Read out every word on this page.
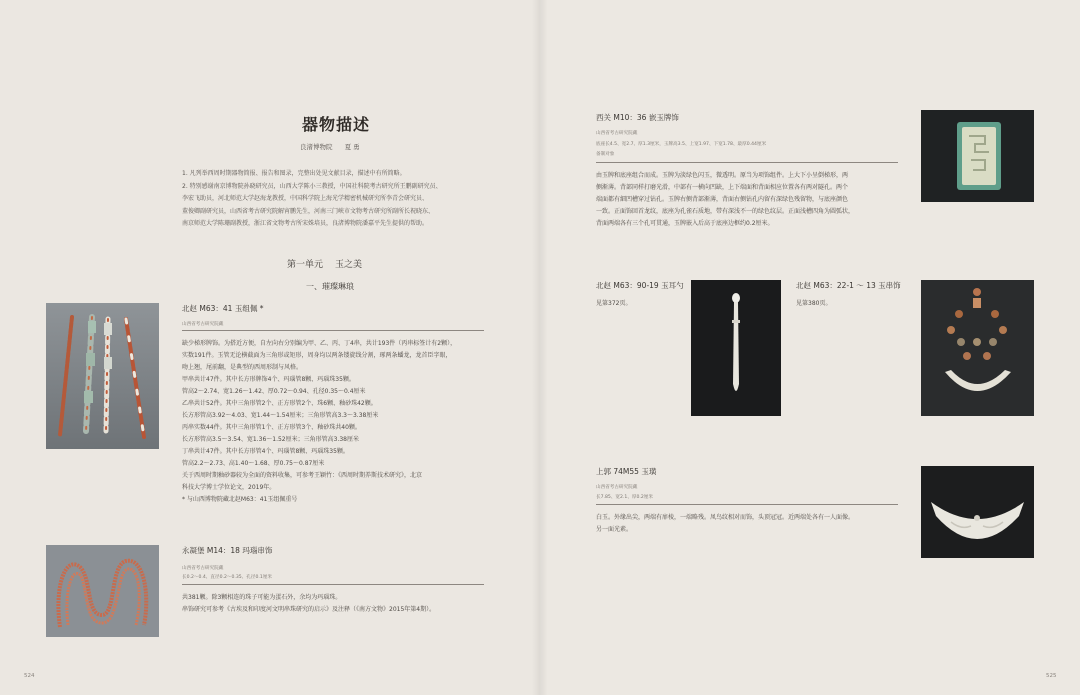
器物描述
良渚博物院 夏 勇

1. 凡列举西周时期器物简报、报告和图录，完整出处见文献目录，描述中有所简略。

2. 特别感谢南京博物院孙晓研究员，山西大学陈小三教授，中国社科院考古研究所王鹏副研究员、

李宏飞助员，河北师范大学赵海龙教授，中国科学院上海光学精密机械研究所李青会研究员、

董俊卿副研究员，山西省考古研究院解宵鹏先生，河南三门峡市文物考古研究所副所长祝晓东、

南京师范大学陈珊副教授，浙江省文物考古所宋姝培员，良渚博物院潘嘉平先生提供的帮助。

第一单元 玉之美
一、璀璨琳琅
北赵 M63：41 玉组佩 *
山西省考古研究院藏

缺少梯形牌饰。为搭近方便，自左向右分别编为甲、乙、丙、丁4串，共计193件（丙串标签计有2颗），

实数191件。玉管无论横截面为三角形或矩形，周身均以两条镂旋线分割，琢两条蟠龙，龙首臣字眼，

吻上翘，尾前翻，是典型的西周形制与风格。

甲串共计47件。其中长方形牌饰4个、玛瑙管8颗、玛瑙珠35颗。

管高2～2.74、宽1.26～1.42、厚0.72～0.94、孔径0.35～0.4厘米

乙串共计52件。其中三角形管2个、正方形管2个、珠6颗、釉砂珠42颗。

长方形管高3.92～4.03、宽1.44～1.54厘米；三角形管高3.3～3.38厘米

丙串实数44件。其中三角形管1个、正方形管3个、釉砂珠共40颗。

长方形管高3.5～3.54、宽1.36～1.52厘米；三角形管高3.38厘米

丁串共计47件。其中长方形管4个、玛瑙管8颗、玛瑙珠35颗。

管高2.2～2.73、高1.40～1.68、厚0.75～0.87厘米

关于西周时期釉砂器较为全面的资料收集，可参考王颖竹：《西周时期养斯技术研究》，北京

科技大学博士学位论文，2019年。

* 与山西博物院藏北赵M63：41玉组佩重号

永凝堡 M14：18 玛瑙串饰
山西省考古研究院藏
长0.2～0.4、直径0.2～0.35、孔径0.1厘米

共381颗。除3颗相连的珠子可能为蛋石外，余均为玛瑙珠。

串饰研究可参考《古埃及和印度河文明串珠研究的启示》及注释（《南方文物》2015年第4期）。

524
西关 M10：36 嵌玉牌饰
山西省考古研究院藏
底座长4.5、宽2.7、厚1.3厘米，玉牌高3.5、上宽1.97、下宽1.78、最厚0.44厘米
备制对象

由玉牌和底座组合而成。玉牌为淡绿色闪玉，微透明。原当为项饰组件。上大下小呈倒梯形，两

侧渐薄。背部同样打磨光滑，中部有一横向凹缺，上下端面和背面相应位置各有两对隧孔。两个

端面都有細凹槽穿过钻孔。玉牌右侧背部渐薄，背面右侧钻孔内留有深绿色残留物，与底座颜色

一致。正面饰回首龙纹，底座为孔雀石质地，带有深浅不一的绿色纹层。正面浅槽四角为圆弧状，

背面两端各有三个孔可贯通，玉牌嵌入后高于底座边框约0.2厘米。

北赵 M63：90-19 玉耳勺
见第372页。
北赵 M63：22-1 ～ 13 玉串饰
见第380页。
上郭 74M55 玉璜
山西省考古研究院藏
长7.85、宽2.1、厚0.2厘米

白玉。外缘出尖，两端有扉棱，一端略残。凤鸟纹相对而饰，头顶冠冠。近两端处各有一人面像。

另一面光素。

525
